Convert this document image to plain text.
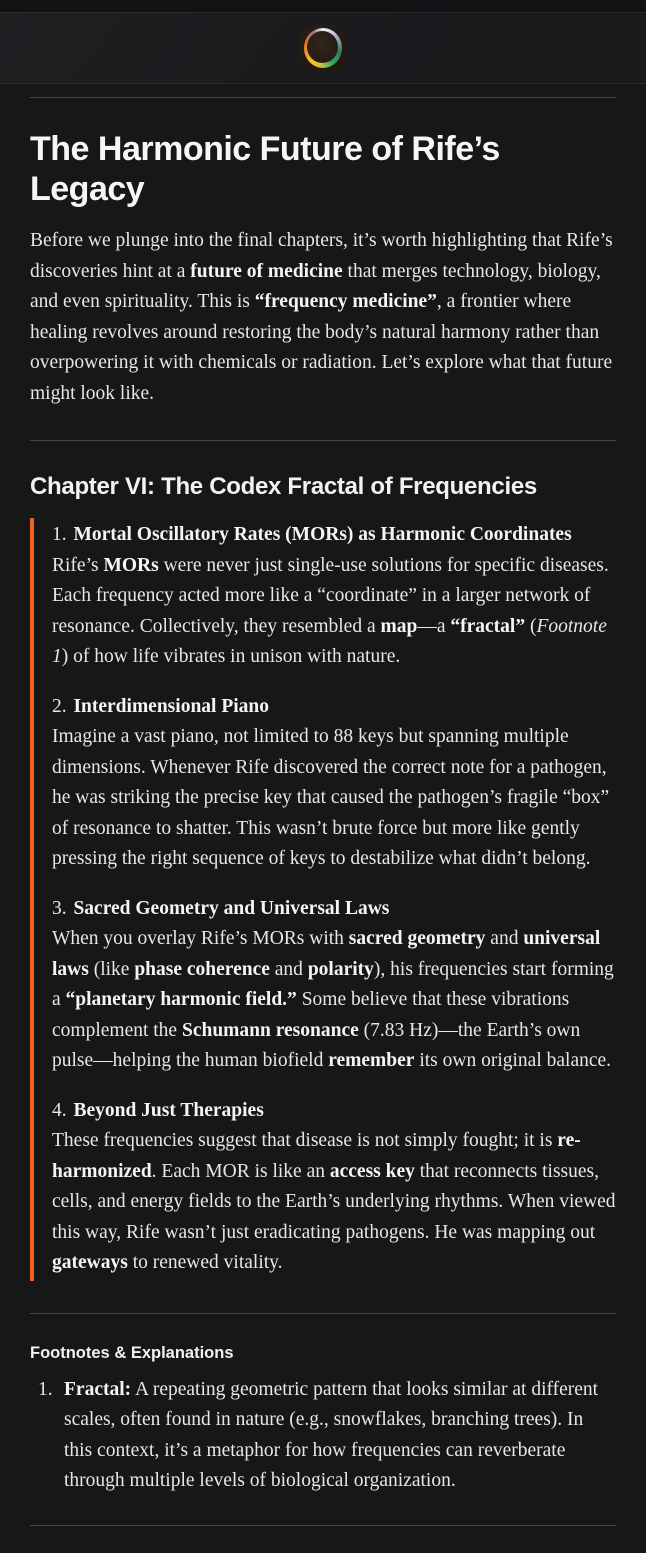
The Harmonic Future of Rife’s Legacy

Before we plunge into the final chapters, it’s worth highlighting that Rife’s discoveries hint at a future of medicine that merges technology, biology, and even spirituality. This is “frequency medicine”, a frontier where healing revolves around restoring the body’s natural harmony rather than overpowering it with chemicals or radiation. Let’s explore what that future might look like.

Chapter VI: The Codex Fractal of Frequencies
1. Mortal Oscillatory Rates (MORs) as Harmonic Coordinates
Rife’s MORs were never just single-use solutions for specific diseases. Each frequency acted more like a “coordinate” in a larger network of resonance. Collectively, they resembled a map—a “fractal” (Footnote 1) of how life vibrates in unison with nature.
2. Interdimensional Piano
Imagine a vast piano, not limited to 88 keys but spanning multiple dimensions. Whenever Rife discovered the correct note for a pathogen, he was striking the precise key that caused the pathogen’s fragile “box” of resonance to shatter. This wasn’t brute force but more like gently pressing the right sequence of keys to destabilize what didn’t belong.
3. Sacred Geometry and Universal Laws
When you overlay Rife’s MORs with sacred geometry and universal laws (like phase coherence and polarity), his frequencies start forming a “planetary harmonic field.” Some believe that these vibrations complement the Schumann resonance (7.83 Hz)—the Earth’s own pulse—helping the human biofield remember its own original balance.
4. Beyond Just Therapies
These frequencies suggest that disease is not simply fought; it is re-harmonized. Each MOR is like an access key that reconnects tissues, cells, and energy fields to the Earth’s underlying rhythms. When viewed this way, Rife wasn’t just eradicating pathogens. He was mapping out gateways to renewed vitality.
Footnotes & Explanations
1. Fractal: A repeating geometric pattern that looks similar at different scales, often found in nature (e.g., snowflakes, branching trees). In this context, it’s a metaphor for how frequencies can reverberate through multiple levels of biological organization.
